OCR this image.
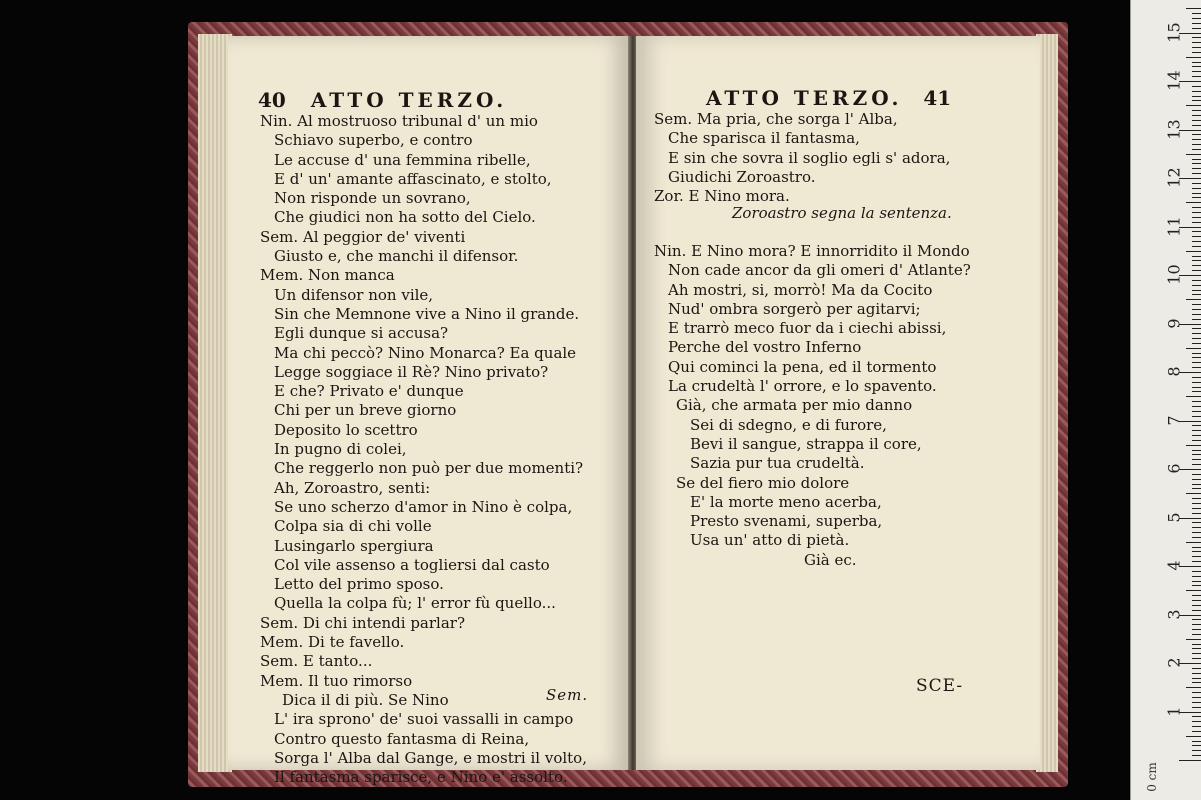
40 ATTO TERZO.
Nin. Al mostruoso tribunal d' un mio
Schiavo superbo, e contro
Le accuse d' una femmina ribelle,
E d' un' amante affascinato, e stolto,
Non risponde un sovrano,
Che giudici non ha sotto del Cielo.
Sem. Al peggior de' viventi
Giusto e, che manchi il difensor.
Mem. Non manca
Un difensor non vile,
Sin che Memnone vive a Nino il grande.
Egli dunque si accusa?
Ma chi peccò? Nino Monarca? Ea quale
Legge soggiace il Rè? Nino privato?
E che? Privato e' dunque
Chi per un breve giorno
Deposito lo scettro
In pugno di colei,
Che reggerlo non può per due momenti?
Ah, Zoroastro, senti:
Se uno scherzo d'amor in Nino è colpa,
Colpa sia di chi volle
Lusingarlo spergiura
Col vile assenso a togliersi dal casto
Letto del primo sposo.
Quella la colpa fù; l' error fù quello...
Sem. Di chi intendi parlar?
Mem. Di te favello.
Sem. E tanto...
Mem. Il tuo rimorso
Dica il di più. Se Nino
L' ira sprono' de' suoi vassalli in campo
Contro questo fantasma di Reina,
Sorga l' Alba dal Gange, e mostri il volto,
Il fantasma sparisce, e Nino e' assolto.
Sem.
ATTO TERZO. 41
Sem. Ma pria, che sorga l' Alba,
Che sparisca il fantasma,
E sin che sovra il soglio egli s' adora,
Giudichi Zoroastro.
Zor. E Nino mora.
Zoroastro segna la sentenza.
Nin. E Nino mora? E innorridito il Mondo
Non cade ancor da gli omeri d' Atlante?
Ah mostri, si, morrò! Ma da Cocito
Nud' ombra sorgerò per agitarvi;
E trarrò meco fuor da i ciechi abissi,
Perche del vostro Inferno
Qui cominci la pena, ed il tormento
La crudeltà l' orrore, e lo spavento.
Già, che armata per mio danno
Sei di sdegno, e di furore,
Bevi il sangue, strappa il core,
Sazia pur tua crudeltà.
Se del fiero mio dolore
E' la morte meno acerba,
Presto svenami, superba,
Usa un' atto di pietà.
Già ec.
SCE-
0 cm
1
2
3
4
5
6
7
8
9
10
11
12
13
14
15
